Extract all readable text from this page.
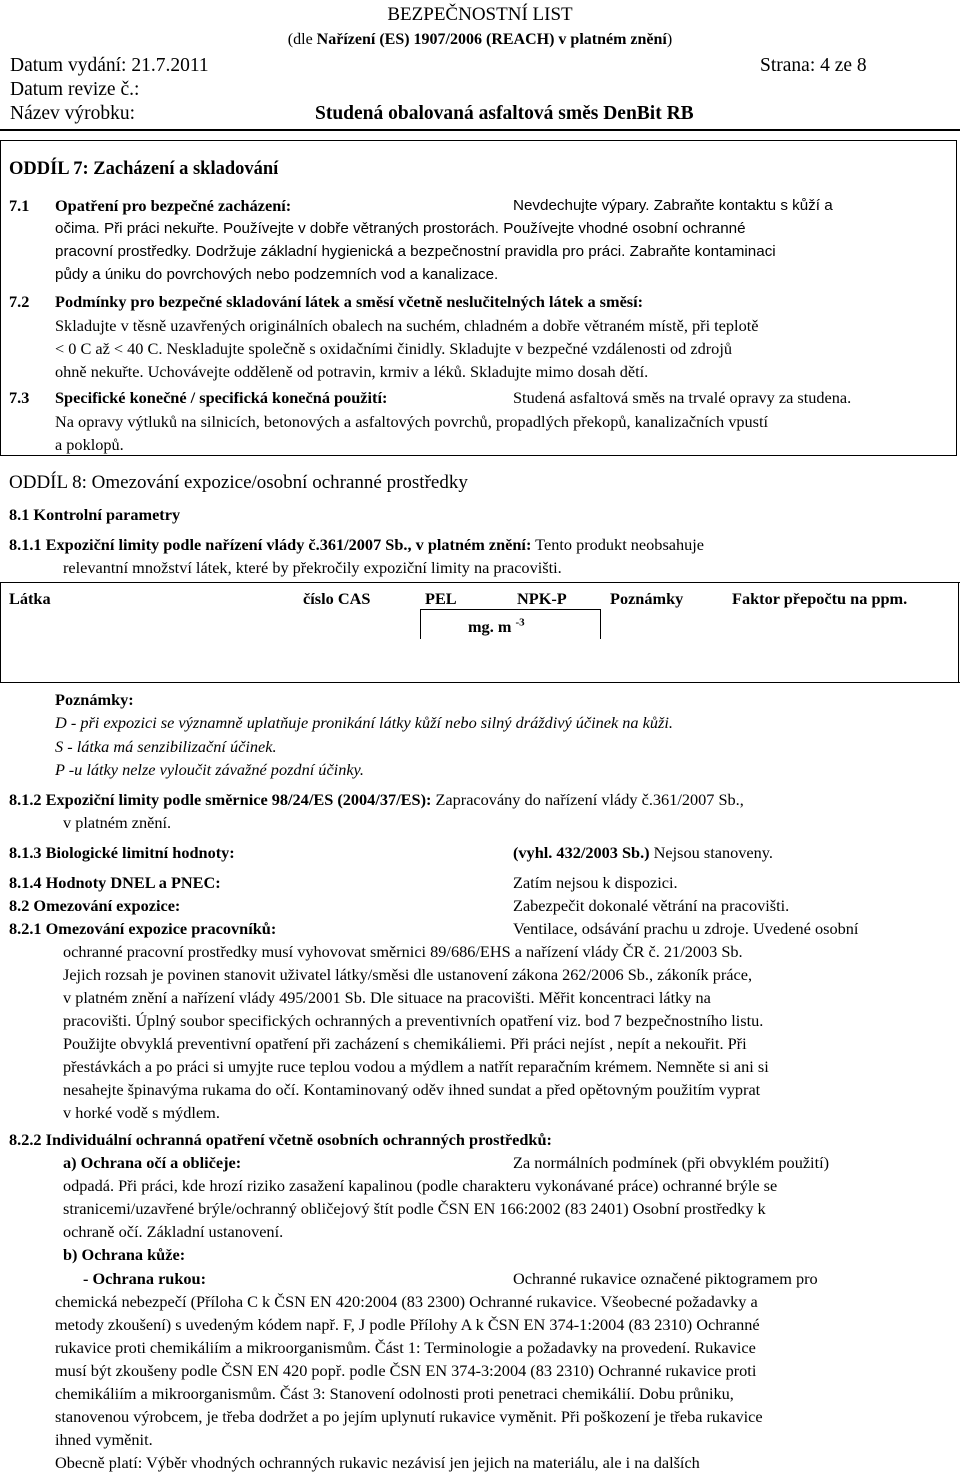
BEZPEČNOSTNÍ LIST
(dle Nařízení (ES) 1907/2006 (REACH) v platném znění)
Datum vydání: 21.7.2011	Strana: 4 ze 8
Datum revize č.:
Název výrobku:	Studená obalovaná asfaltová směs DenBit RB
ODDÍL 7: Zacházení a skladování
7.1 Opatření pro bezpečné zacházení:	Nevdechujte výpary. Zabraňte kontaktu s kůží a
očima. Při práci nekuřte. Používejte v dobře větraných prostorách. Používejte vhodné osobní ochranné
pracovní prostředky. Dodržuje základní hygienická a bezpečnostní pravidla pro práci. Zabraňte kontaminaci
půdy a úniku do povrchových nebo podzemních vod a kanalizace.
7.2 Podmínky pro bezpečné skladování látek a směsí včetně neslučitelných látek a směsí:
Skladujte v těsně uzavřených originálních obalech na suchém, chladném a dobře větraném místě, při teplotě
< 0 C až < 40 C. Neskladujte společně s oxidačními činidly. Skladujte v bezpečné vzdálenosti od zdrojů
ohně nekuřte. Uchovávejte odděleně od potravin, krmiv a léků. Skladujte mimo dosah dětí.
7.3 Specifické konečné / specifická konečná použití:	Studená asfaltová směs na trvalé opravy za studena.
Na opravy výtluků na silnicích, betonových a asfaltových povrchů, propadlých překopů, kanalizačních vpustí
a poklopů.
ODDÍL 8: Omezování expozice/osobní ochranné prostředky
8.1 Kontrolní parametry
8.1.1 Expoziční limity podle nařízení vlády č.361/2007 Sb., v platném znění: Tento produkt neobsahuje
relevantní množství látek, které by překročily expoziční limity na pracovišti.
Látka	číslo CAS	PEL	NPK-P	Poznámky	Faktor přepočtu na ppm.
mg. m $^{-3}$
Poznámky:
D - při expozici se významně uplatňuje pronikání látky kůží nebo silný dráždivý účinek na kůži.
S - látka má senzibilizační účinek.
P -u látky nelze vyloučit závažné pozdní účinky.
8.1.2 Expoziční limity podle směrnice 98/24/ES (2004/37/ES): Zapracovány do nařízení vlády č.361/2007 Sb.,
v platném znění.
8.1.3 Biologické limitní hodnoty:	(vyhl. 432/2003 Sb.) Nejsou stanoveny.
8.1.4 Hodnoty DNEL a PNEC:	Zatím nejsou k dispozici.
8.2 Omezování expozice:	Zabezpečit dokonalé větrání na pracovišti.
8.2.1 Omezování expozice pracovníků:	Ventilace, odsávání prachu u zdroje. Uvedené osobní
ochranné pracovní prostředky musí vyhovovat směrnici 89/686/EHS a nařízení vlády ČR č. 21/2003 Sb.
Jejich rozsah je povinen stanovit uživatel látky/směsi dle ustanovení zákona 262/2006 Sb., zákoník práce,
v platném znění a nařízení vlády 495/2001 Sb. Dle situace na pracovišti. Měřit koncentraci látky na
pracovišti. Úplný soubor specifických ochranných a preventivních opatření viz. bod 7 bezpečnostního listu.
Použijte obvyklá preventivní opatření při zacházení s chemikáliemi. Při práci nejíst , nepít a nekouřit. Při
přestávkách a po práci si umyjte ruce teplou vodou a mýdlem a natřít reparačním krémem. Nemněte si ani si
nesahejte špinavýma rukama do očí. Kontaminovaný oděv ihned sundat a před opětovným použitím vyprat
v horké vodě s mýdlem.
8.2.2 Individuální ochranná opatření včetně osobních ochranných prostředků:
a) Ochrana očí a obličeje:	Za normálních podmínek (při obvyklém použití)
odpadá. Při práci, kde hrozí riziko zasažení kapalinou (podle charakteru vykonávané práce) ochranné brýle se
stranicemi/uzavřené brýle/ochranný obličejový štít podle ČSN EN 166:2002 (83 2401) Osobní prostředky k
ochraně očí. Základní ustanovení.
b) Ochrana kůže:
- Ochrana rukou:	Ochranné rukavice označené piktogramem pro
chemická nebezpečí (Příloha C k ČSN EN 420:2004 (83 2300) Ochranné rukavice. Všeobecné požadavky a
metody zkoušení) s uvedeným kódem např. F, J podle Přílohy A k ČSN EN 374-1:2004 (83 2310) Ochranné
rukavice proti chemikáliím a mikroorganismům. Část 1: Terminologie a požadavky na provedení. Rukavice
musí být zkoušeny podle ČSN EN 420 popř. podle ČSN EN 374-3:2004 (83 2310) Ochranné rukavice proti
chemikáliím a mikroorganismům. Část 3: Stanovení odolnosti proti penetraci chemikálií. Dobu průniku,
stanovenou výrobcem, je třeba dodržet a po jejím uplynutí rukavice vyměnit. Při poškození je třeba rukavice
ihned vyměnit.
Obecně platí: Výběr vhodných ochranných rukavic nezávisí jen jejich na materiálu, ale i na dalších
